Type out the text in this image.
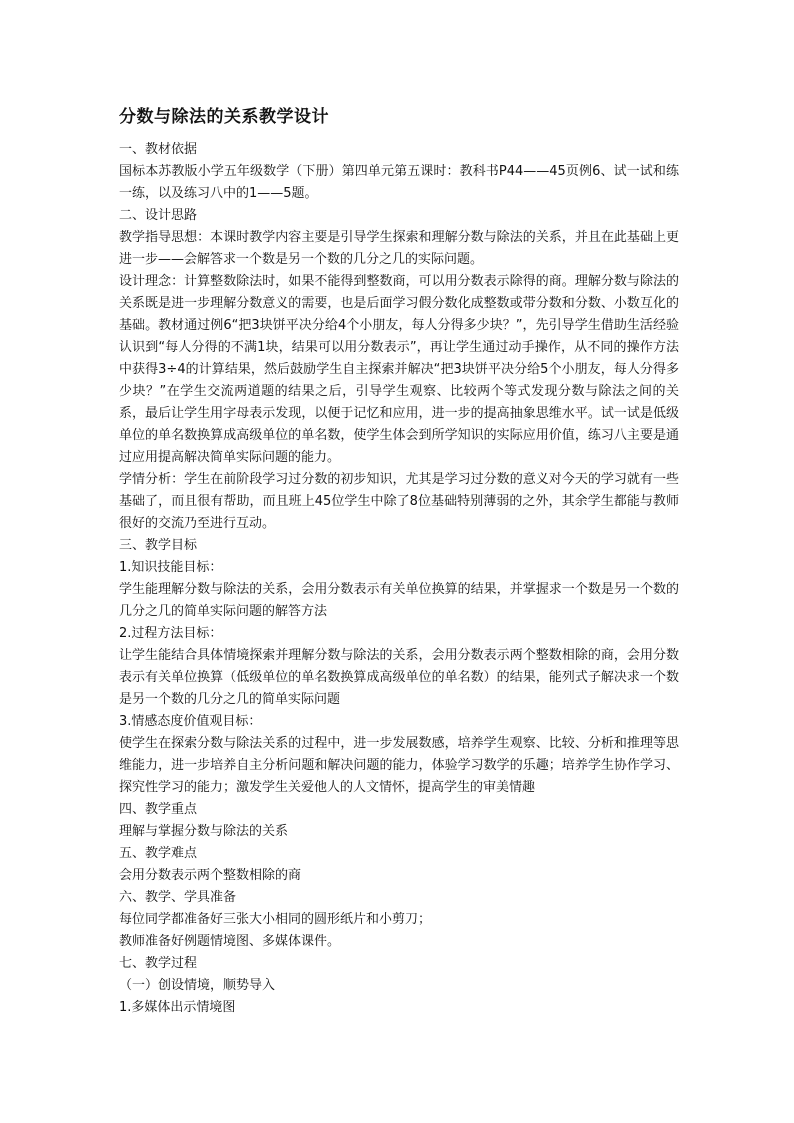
分数与除法的关系教学设计

一、教材依据

国标本苏教版小学五年级数学（下册）第四单元第五课时：教科书P44——45页例6、试一试和练一练，以及练习八中的1——5题。

二、设计思路

教学指导思想：本课时教学内容主要是引导学生探索和理解分数与除法的关系，并且在此基础上更进一步——会解答求一个数是另一个数的几分之几的实际问题。

设计理念：计算整数除法时，如果不能得到整数商，可以用分数表示除得的商。理解分数与除法的关系既是进一步理解分数意义的需要，也是后面学习假分数化成整数或带分数和分数、小数互化的基础。教材通过例6“把3块饼平决分给4个小朋友，每人分得多少块？”，先引导学生借助生活经验认识到“每人分得的不满1块，结果可以用分数表示”，再让学生通过动手操作，从不同的操作方法中获得3÷4的计算结果，然后鼓励学生自主探索并解决“把3块饼平决分给5个小朋友，每人分得多少块？”在学生交流两道题的结果之后，引导学生观察、比较两个等式发现分数与除法之间的关系，最后让学生用字母表示发现，以便于记忆和应用，进一步的提高抽象思维水平。试一试是低级单位的单名数换算成高级单位的单名数，使学生体会到所学知识的实际应用价值，练习八主要是通过应用提高解决简单实际问题的能力。

学情分析：学生在前阶段学习过分数的初步知识，尤其是学习过分数的意义对今天的学习就有一些基础了，而且很有帮助，而且班上45位学生中除了8位基础特别薄弱的之外，其余学生都能与教师很好的交流乃至进行互动。

三、教学目标

1.知识技能目标：

学生能理解分数与除法的关系，会用分数表示有关单位换算的结果，并掌握求一个数是另一个数的几分之几的简单实际问题的解答方法

2.过程方法目标：

让学生能结合具体情境探索并理解分数与除法的关系，会用分数表示两个整数相除的商，会用分数表示有关单位换算（低级单位的单名数换算成高级单位的单名数）的结果，能列式子解决求一个数是另一个数的几分之几的简单实际问题

3.情感态度价值观目标：

使学生在探索分数与除法关系的过程中，进一步发展数感，培养学生观察、比较、分析和推理等思维能力，进一步培养自主分析问题和解决问题的能力，体验学习数学的乐趣；培养学生协作学习、探究性学习的能力；激发学生关爱他人的人文情怀，提高学生的审美情趣

四、教学重点

理解与掌握分数与除法的关系

五、教学难点

会用分数表示两个整数相除的商

六、教学、学具准备

每位同学都准备好三张大小相同的圆形纸片和小剪刀；

教师准备好例题情境图、多媒体课件。

七、教学过程

（一）创设情境，顺势导入

1.多媒体出示情境图
